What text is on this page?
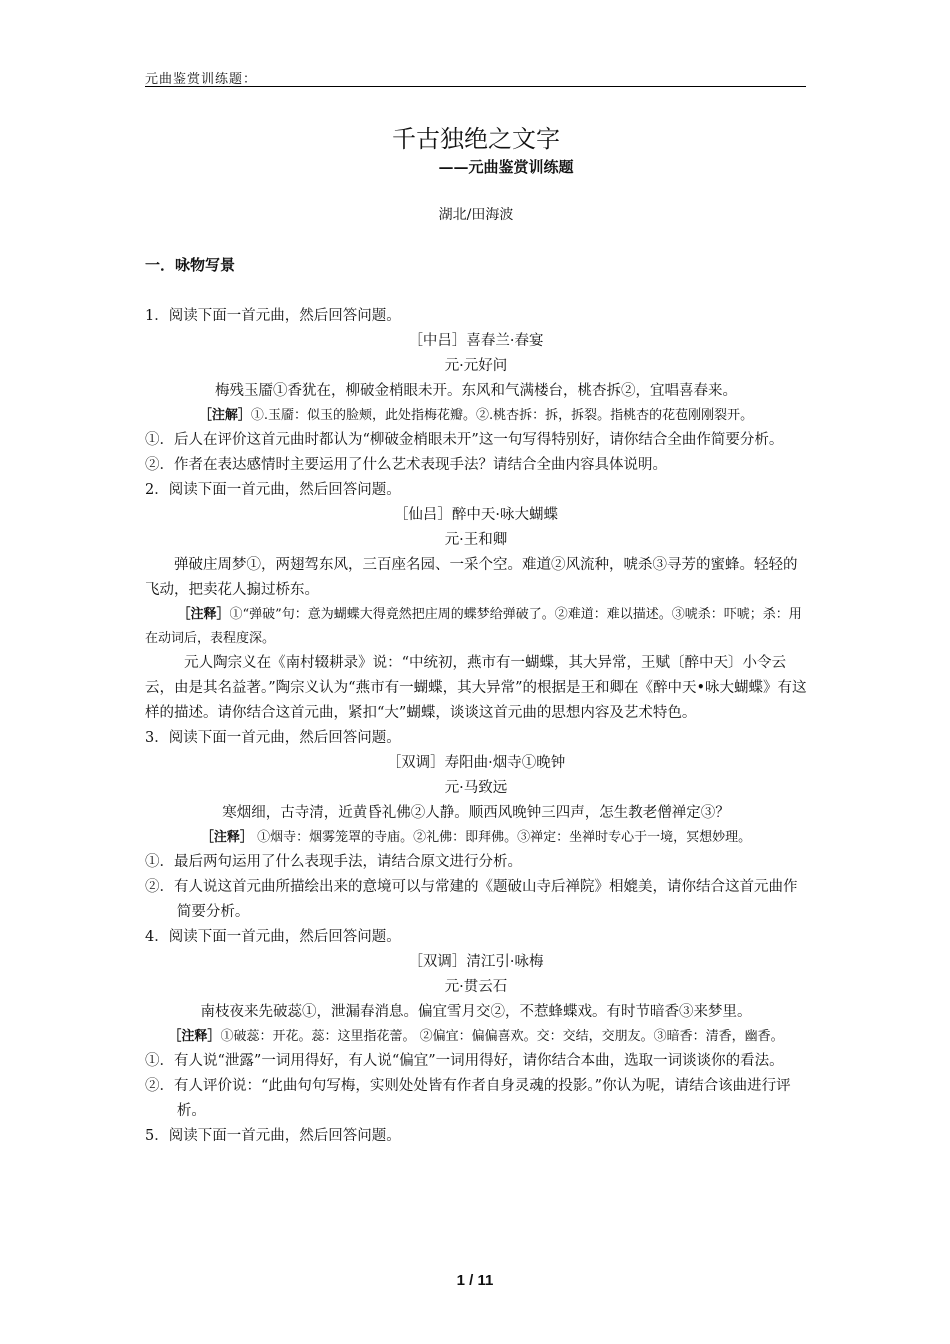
元曲鉴赏训练题：
千古独绝之文字
——元曲鉴赏训练题
湖北/田海波
一．咏物写景
1．阅读下面一首元曲，然后回答问题。
［中吕］喜春兰·春宴
元·元好问
梅残玉靥①香犹在，柳破金梢眼未开。东风和气满楼台，桃杏拆②，宜唱喜春来。
［注解］①.玉靥：似玉的脸颊，此处指梅花瓣。②.桃杏拆：拆，拆裂。指桃杏的花苞刚刚裂开。
①．后人在评价这首元曲时都认为“柳破金梢眼未开”这一句写得特别好，请你结合全曲作简要分析。
②．作者在表达感情时主要运用了什么艺术表现手法？请结合全曲内容具体说明。
2．阅读下面一首元曲，然后回答问题。
［仙吕］醉中天·咏大蝴蝶
元·王和卿
弹破庄周梦①，两翅驾东风，三百座名园、一采个空。难道②风流种，唬杀③寻芳的蜜蜂。轻轻的飞动，把卖花人搧过桥东。
［注释］①“弹破”句：意为蝴蝶大得竟然把庄周的蝶梦给弹破了。②难道：难以描述。③唬杀：吓唬；杀：用在动词后，表程度深。
元人陶宗义在《南村辍耕录》说：“中统初，燕市有一蝴蝶，其大异常，王赋〔醉中天〕小令云云，由是其名益著。”陶宗义认为“燕市有一蝴蝶，其大异常”的根据是王和卿在《醉中天•咏大蝴蝶》有这样的描述。请你结合这首元曲，紧扣“大”蝴蝶，谈谈这首元曲的思想内容及艺术特色。
3．阅读下面一首元曲，然后回答问题。
［双调］寿阳曲·烟寺①晚钟
元·马致远
寒烟细，古寺清，近黄昏礼佛②人静。顺西风晚钟三四声，怎生教老僧禅定③？
［注释］ ①烟寺：烟雾笼罩的寺庙。②礼佛：即拜佛。③禅定：坐禅时专心于一境，冥想妙理。
①．最后两句运用了什么表现手法，请结合原文进行分析。
②．有人说这首元曲所描绘出来的意境可以与常建的《题破山寺后禅院》相媲美，请你结合这首元曲作简要分析。
4．阅读下面一首元曲，然后回答问题。
［双调］清江引·咏梅
元·贯云石
南枝夜来先破蕊①，泄漏春消息。偏宜雪月交②，不惹蜂蝶戏。有时节暗香③来梦里。
［注释］①破蕊：开花。蕊：这里指花蕾。 ②偏宜：偏偏喜欢。交：交结，交朋友。③暗香：清香，幽香。
①．有人说“泄露”一词用得好，有人说“偏宜”一词用得好，请你结合本曲，选取一词谈谈你的看法。
②．有人评价说：“此曲句句写梅，实则处处皆有作者自身灵魂的投影。”你认为呢，请结合该曲进行评析。
5．阅读下面一首元曲，然后回答问题。
1 / 11
